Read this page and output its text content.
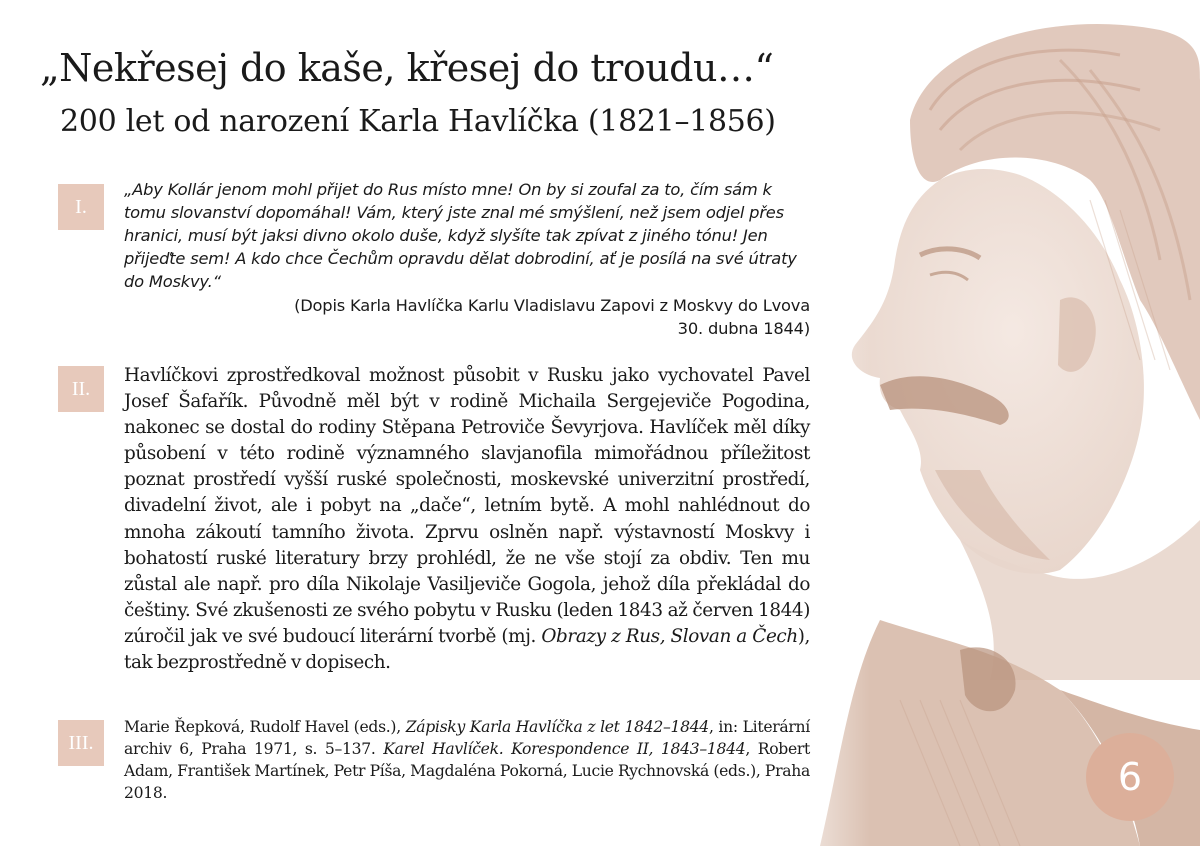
„Nekřesej do kaše, křesej do troudu…“
200 let od narození Karla Havlíčka (1821–1856)
I.

„Aby Kollár jenom mohl přijet do Rus místo mne! On by si zoufal za to, čím sám k tomu slovanství dopomáhal! Vám, který jste znal mé smýšlení, než jsem odjel přes hranici, musí být jaksi divno okolo duše, když slyšíte tak zpívat z jiného tónu! Jen přijeďte sem! A kdo chce Čechům opravdu dělat dobrodiní, ať je posílá na své útraty do Moskvy.“

(Dopis Karla Havlíčka Karlu Vladislavu Zapovi z Moskvy do Lvova
30. dubna 1844)
II.

Havlíčkovi zprostředkoval možnost působit v Rusku jako vychovatel Pavel Josef Šafařík. Původně měl být v rodině Michaila Sergejeviče Pogodina, nakonec se dostal do rodiny Stěpana Petroviče Ševyrjova. Havlíček měl díky působení v této rodině významného slavjanofila mimořádnou příležitost poznat prostředí vyšší ruské společnosti, moskevské univerzitní prostředí, divadelní život, ale i pobyt na „dače“, letním bytě. A mohl nahlédnout do mnoha zákoutí tamního života. Zprvu oslněn např. výstavností Moskvy i bohatostí ruské literatury brzy prohlédl, že ne vše stojí za obdiv. Ten mu zůstal ale např. pro díla Nikolaje Vasiljeviče Gogola, jehož díla překládal do češtiny. Své zkušenosti ze svého pobytu v Rusku (leden 1843 až červen 1844) zúročil jak ve své budoucí literární tvorbě (mj. Obrazy z Rus, Slovan a Čech), tak bezprostředně v dopisech.

III.

Marie Řepková, Rudolf Havel (eds.), Zápisky Karla Havlíčka z let 1842–1844, in: Literární archiv 6, Praha 1971, s. 5–137. Karel Havlíček. Korespondence II, 1843–1844, Robert Adam, František Martínek, Petr Píša, Magdaléna Pokorná, Lucie Rychnovská (eds.), Praha 2018.	6
